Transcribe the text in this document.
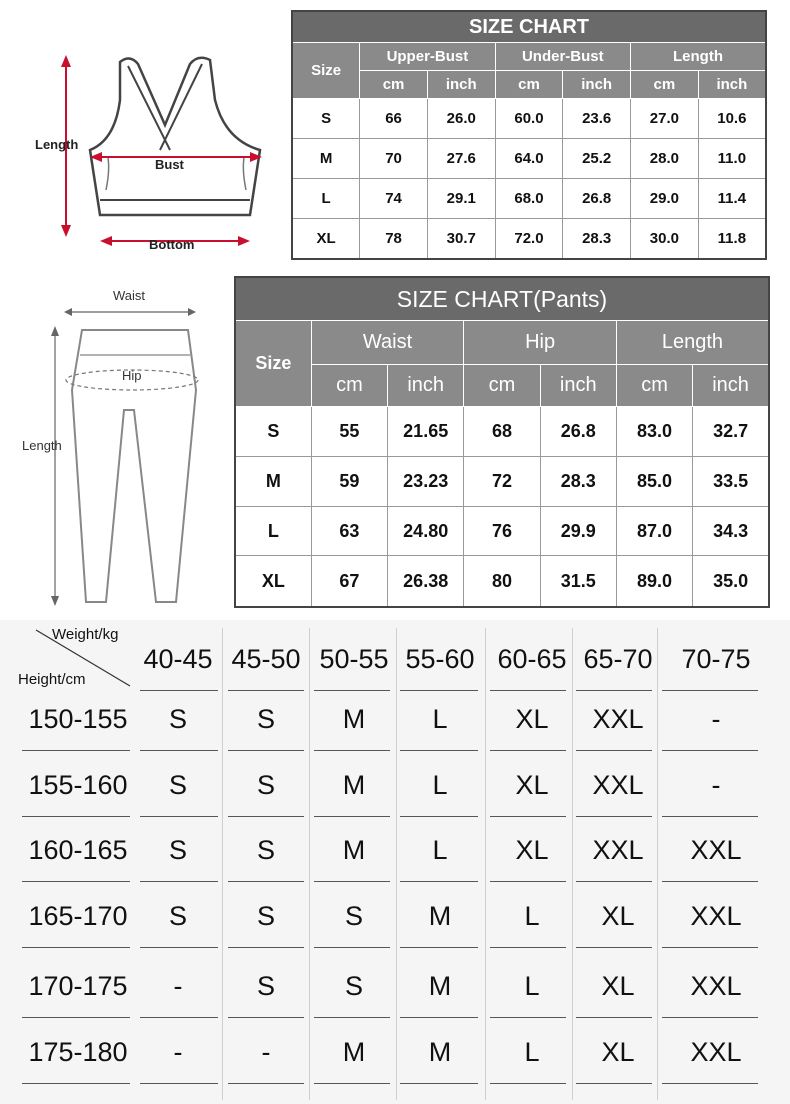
Length
Bust
Bottom
SIZE CHART						
Size	Upper-Bust		Under-Bust		Length	
	cm	inch	cm	inch	cm	inch
S	66	26.0	60.0	23.6	27.0	10.6
M	70	27.6	64.0	25.2	28.0	11.0
L	74	29.1	68.0	26.8	29.0	11.4
XL	78	30.7	72.0	28.3	30.0	11.8
Waist
Hip
Length
SIZE CHART(Pants)						
Size	Waist		Hip		Length	
	cm	inch	cm	inch	cm	inch
S	55	21.65	68	26.8	83.0	32.7
M	59	23.23	72	28.3	85.0	33.5
L	63	24.80	76	29.9	87.0	34.3
XL	67	26.38	80	31.5	89.0	35.0
Weight/kg
Height/cm
40-45 45-50 50-55 55-60 60-65 65-70 70-75
150-155	S	S	M	L	XL	XXL	-
155-160	S	S	M	L	XL	XXL	-
160-165	S	S	M	L	XL	XXL	XXL
165-170	S	S	S	M	L	XL	XXL
170-175	-	S	S	M	L	XL	XXL
175-180	-	-	M	M	L	XL	XXL
